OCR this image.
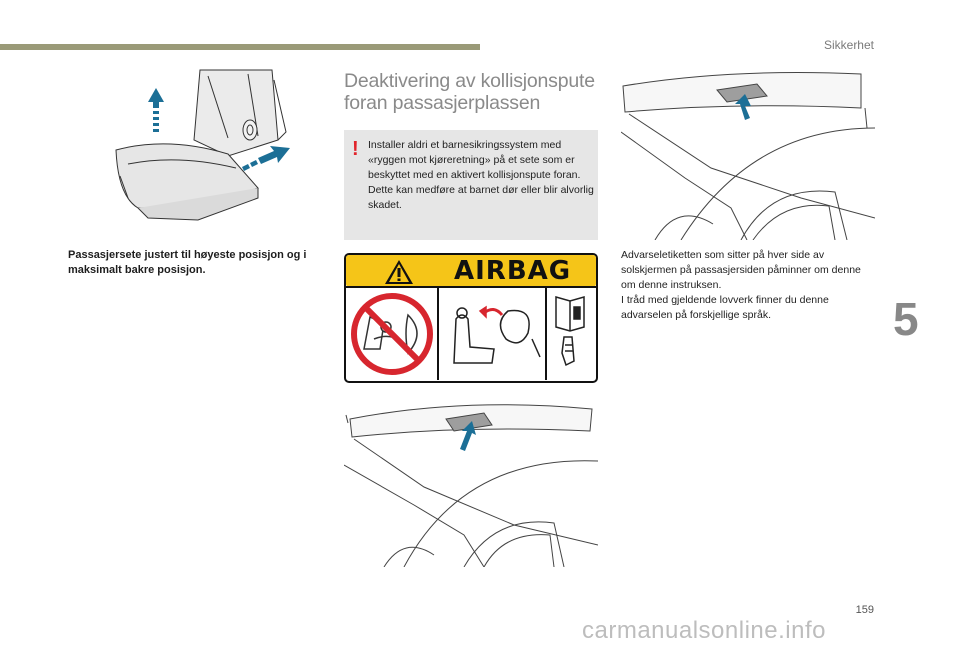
Sikkerhet
Passasjersete justert til høyeste posisjon og i maksimalt bakre posisjon.
Deaktivering av kollisjonspute foran passasjerplassen
! Installer aldri et barnesikringssystem med «ryggen mot kjøreretning» på et sete som er beskyttet med en aktivert kollisjonspute foran.
Dette kan medføre at barnet dør eller blir alvorlig skadet.
AIRBAG
Advarseletiketten som sitter på hver side av solskjermen på passasjersiden påminner om denne om denne instruksen.
I tråd med gjeldende lovverk finner du denne advarselen på forskjellige språk.	5
159
carmanualsonline.info
